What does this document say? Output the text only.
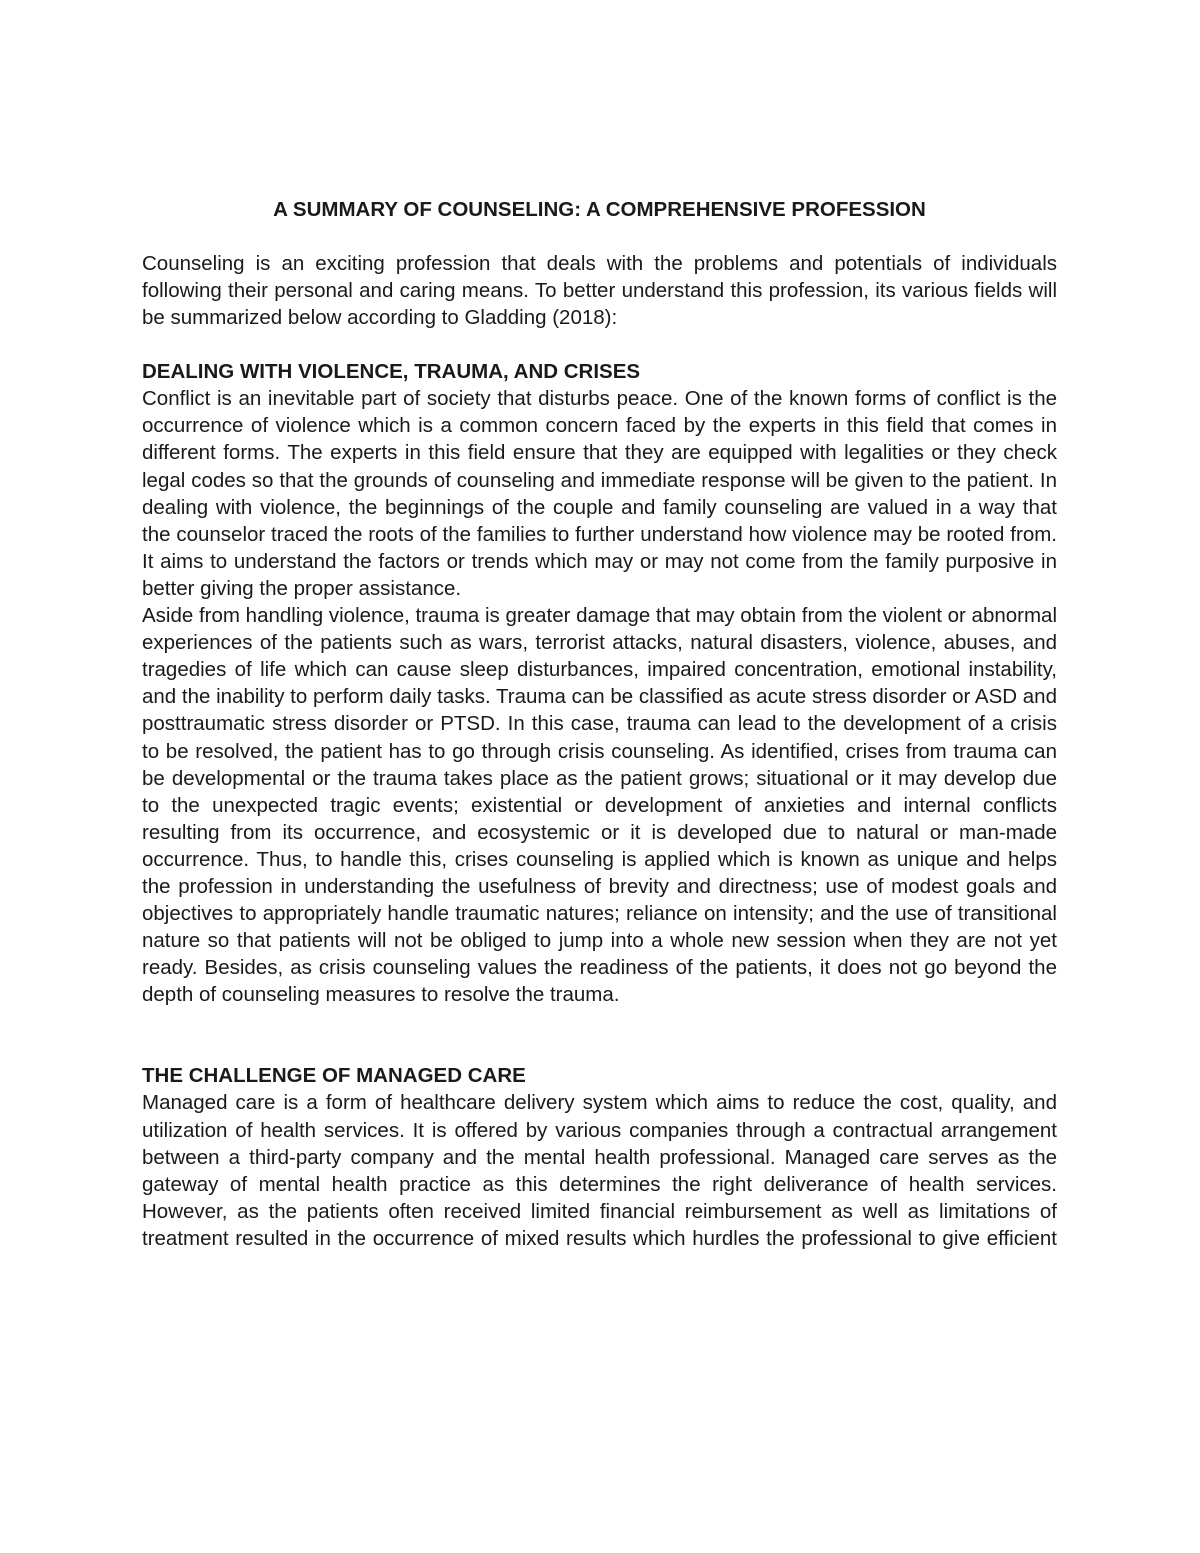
A SUMMARY OF COUNSELING: A COMPREHENSIVE PROFESSION

Counseling is an exciting profession that deals with the problems and potentials of individuals following their personal and caring means. To better understand this profession, its various fields will be summarized below according to Gladding (2018):

DEALING WITH VIOLENCE, TRAUMA, AND CRISES

Conflict is an inevitable part of society that disturbs peace. One of the known forms of conflict is the occurrence of violence which is a common concern faced by the experts in this field that comes in different forms. The experts in this field ensure that they are equipped with legalities or they check legal codes so that the grounds of counseling and immediate response will be given to the patient. In dealing with violence, the beginnings of the couple and family counseling are valued in a way that the counselor traced the roots of the families to further understand how violence may be rooted from. It aims to understand the factors or trends which may or may not come from the family purposive in better giving the proper assistance.

Aside from handling violence, trauma is greater damage that may obtain from the violent or abnormal experiences of the patients such as wars, terrorist attacks, natural disasters, violence, abuses, and tragedies of life which can cause sleep disturbances, impaired concentration, emotional instability, and the inability to perform daily tasks. Trauma can be classified as acute stress disorder or ASD and posttraumatic stress disorder or PTSD. In this case, trauma can lead to the development of a crisis to be resolved, the patient has to go through crisis counseling. As identified, crises from trauma can be developmental or the trauma takes place as the patient grows; situational or it may develop due to the unexpected tragic events; existential or development of anxieties and internal conflicts resulting from its occurrence, and ecosystemic or it is developed due to natural or man-made occurrence. Thus, to handle this, crises counseling is applied which is known as unique and helps the profession in understanding the usefulness of brevity and directness; use of modest goals and objectives to appropriately handle traumatic natures; reliance on intensity; and the use of transitional nature so that patients will not be obliged to jump into a whole new session when they are not yet ready. Besides, as crisis counseling values the readiness of the patients, it does not go beyond the depth of counseling measures to resolve the trauma.

THE CHALLENGE OF MANAGED CARE

Managed care is a form of healthcare delivery system which aims to reduce the cost, quality, and utilization of health services. It is offered by various companies through a contractual arrangement between a third-party company and the mental health professional. Managed care serves as the gateway of mental health practice as this determines the right deliverance of health services. However, as the patients often received limited financial reimbursement as well as limitations of treatment resulted in the occurrence of mixed results which hurdles the professional to give efficient
